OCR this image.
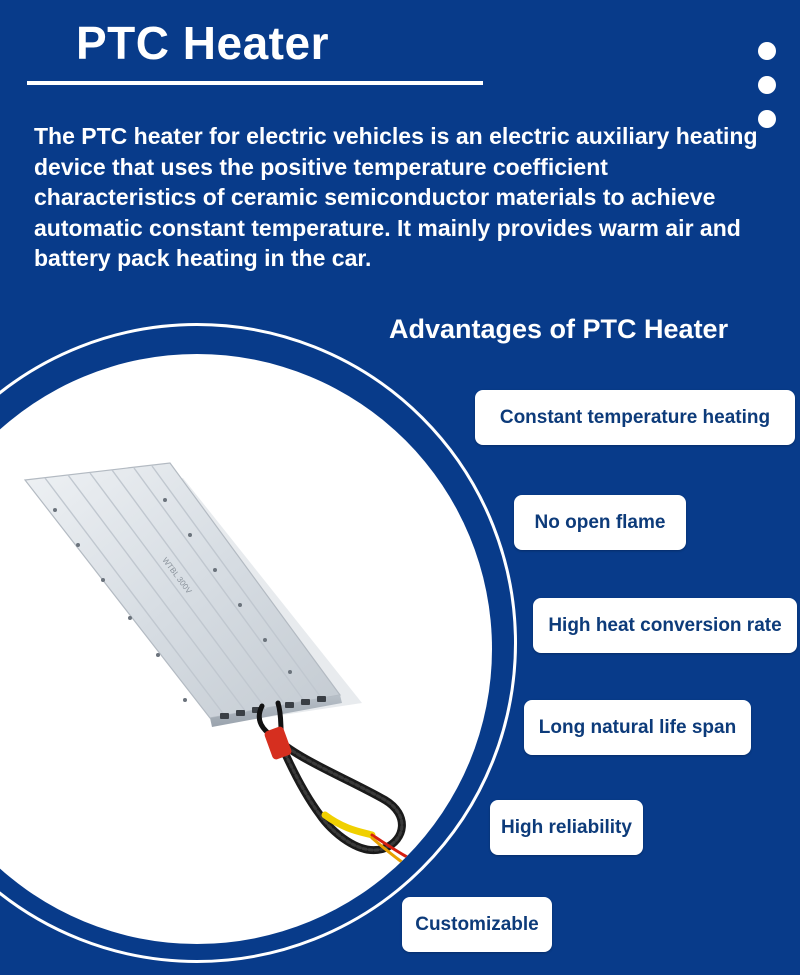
PTC Heater

The PTC heater for electric vehicles is an electric auxiliary heating device that uses the positive temperature coefficient characteristics of ceramic semiconductor materials to achieve automatic constant temperature. It mainly provides warm air and battery pack heating in the car.

Advantages of PTC Heater
WTBL 300V
Constant temperature heating
No open flame
High heat conversion rate
Long natural life span
High reliability
Customizable
